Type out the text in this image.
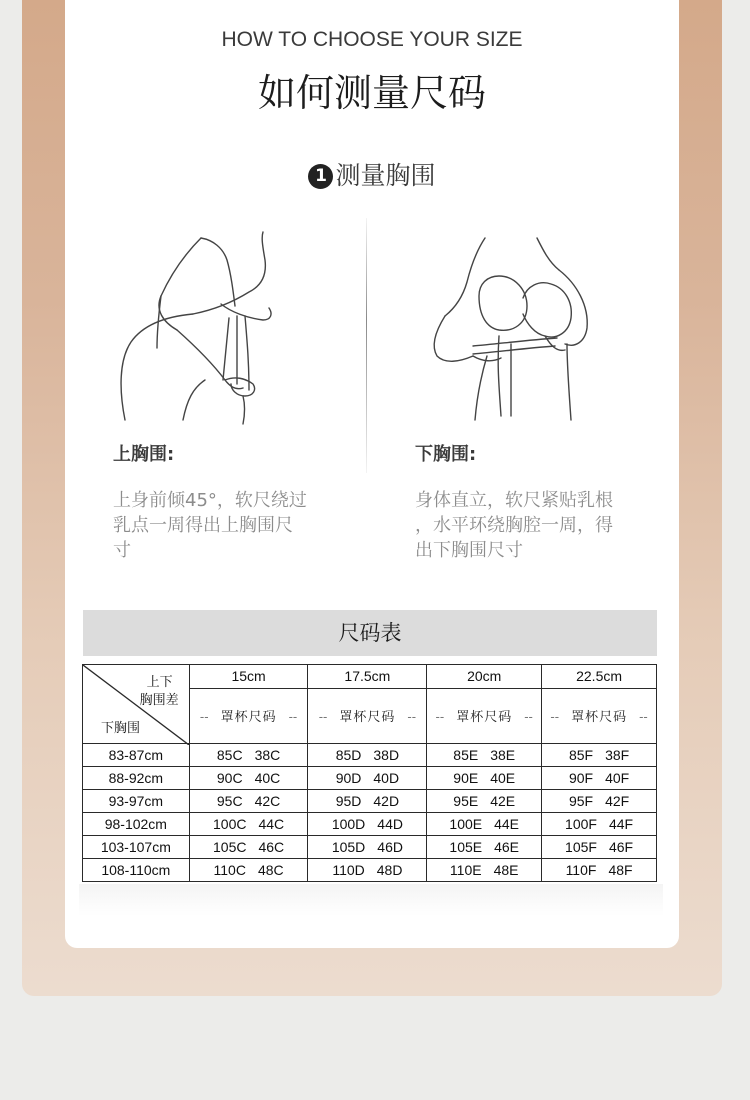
HOW TO CHOOSE YOUR SIZE
如何测量尺码
1 测量胸围
上胸围:
上身前倾45°，软尺绕过
乳点一周得出上胸围尺
寸
下胸围:
身体直立，软尺紧贴乳根
，水平环绕胸腔一周，得
出下胸围尺寸
尺码表
上下
胸围差
下胸围	15cm	17.5cm	20cm	22.5cm
	-- 罩杯尺码 --	-- 罩杯尺码 --	-- 罩杯尺码 --	-- 罩杯尺码 --
83-87cm	85C 38C	85D 38D	85E 38E	85F 38F
88-92cm	90C 40C	90D 40D	90E 40E	90F 40F
93-97cm	95C 42C	95D 42D	95E 42E	95F 42F
98-102cm	100C 44C	100D 44D	100E 44E	100F 44F
103-107cm	105C 46C	105D 46D	105E 46E	105F 46F
108-110cm	110C 48C	110D 48D	110E 48E	110F 48F
